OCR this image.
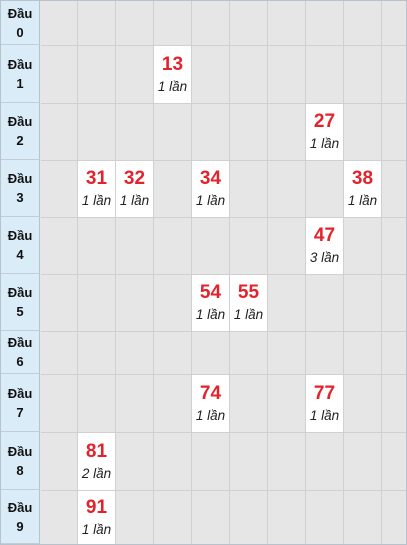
Đầu
0
Đầu
1
13
1 lần
Đầu
2
27
1 lần
Đầu
3
31
1 lần
32
1 lần
34
1 lần
38
1 lần
Đầu
4
47
3 lần
Đầu
5
54
1 lần
55
1 lần
Đầu
6
Đầu
7
74
1 lần
77
1 lần
Đầu
8
81
2 lần
Đầu
9
91
1 lần
